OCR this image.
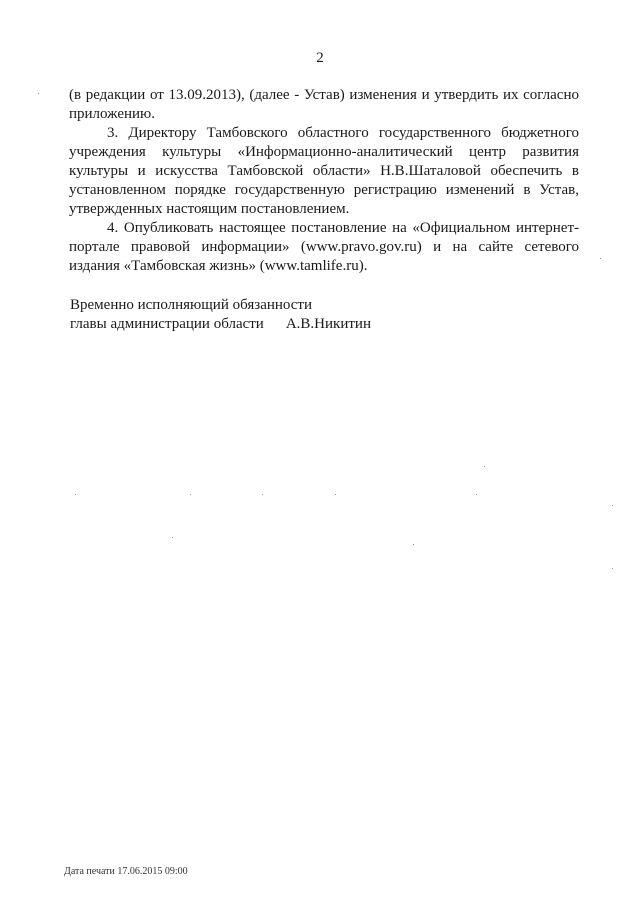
2

(в редакции от 13.09.2013), (далее - Устав) изменения и утвердить их согласно приложению.

3. Директору Тамбовского областного государственного бюджетного учреждения культуры «Информационно-аналитический центр развития культуры и искусства Тамбовской области» Н.В.Шаталовой обеспечить в установленном порядке государственную регистрацию изменений в Устав, утвержденных настоящим постановлением.

4. Опубликовать настоящее постановление на «Официальном интернет-портале правовой информации» (www.pravo.gov.ru) и на сайте сетевого издания «Тамбовская жизнь» (www.tamlife.ru).

Временно исполняющий обязанности
главы администрации области А.В.Никитин
Дата печати 17.06.2015 09:00
